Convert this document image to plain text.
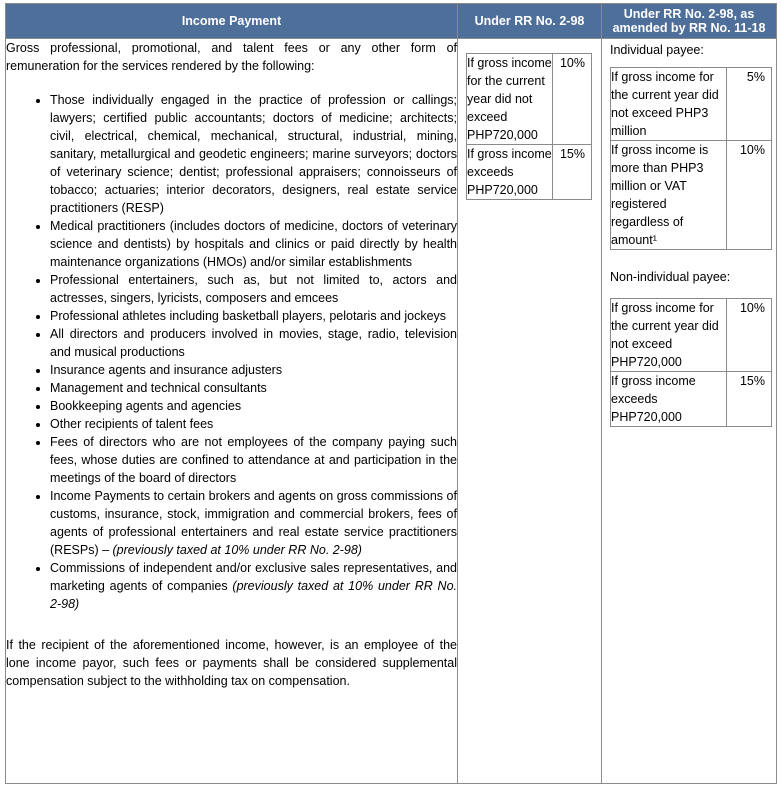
Income Payment	Under RR No. 2-98	Under RR No. 2-98, as amended by RR No. 11-18

Gross professional, promotional, and talent fees or any other form of remuneration for the services rendered by the following:

• Those individually engaged in the practice of profession or callings; lawyers; certified public accountants; doctors of medicine; architects; civil, electrical, chemical, mechanical, structural, industrial, mining, sanitary, metallurgical and geodetic engineers; marine surveyors; doctors of veterinary science; dentist; professional appraisers; connoisseurs of tobacco; actuaries; interior decorators, designers, real estate service practitioners (RESP)
• Medical practitioners (includes doctors of medicine, doctors of veterinary science and dentists) by hospitals and clinics or paid directly by health maintenance organizations (HMOs) and/or similar establishments
• Professional entertainers, such as, but not limited to, actors and actresses, singers, lyricists, composers and emcees
• Professional athletes including basketball players, pelotaris and jockeys
• All directors and producers involved in movies, stage, radio, television and musical productions
• Insurance agents and insurance adjusters
• Management and technical consultants
• Bookkeeping agents and agencies
• Other recipients of talent fees
• Fees of directors who are not employees of the company paying such fees, whose duties are confined to attendance at and participation in the meetings of the board of directors
• Income Payments to certain brokers and agents on gross commissions of customs, insurance, stock, immigration and commercial brokers, fees of agents of professional entertainers and real estate service practitioners (RESPs) – (previously taxed at 10% under RR No. 2-98)
• Commissions of independent and/or exclusive sales representatives, and marketing agents of companies (previously taxed at 10% under RR No. 2-98)

If the recipient of the aforementioned income, however, is an employee of the lone income payor, such fees or payments shall be considered supplemental compensation subject to the withholding tax on compensation.

If gross income for the current year did not exceed PHP720,000	10%
If gross income exceeds PHP720,000	15%

Individual payee:
If gross income for the current year did not exceed PHP3 million	5%
If gross income is more than PHP3 million or VAT registered regardless of amount¹	10%
Non-individual payee:
If gross income for the current year did not exceed PHP720,000	10%
If gross income exceeds PHP720,000	15%
